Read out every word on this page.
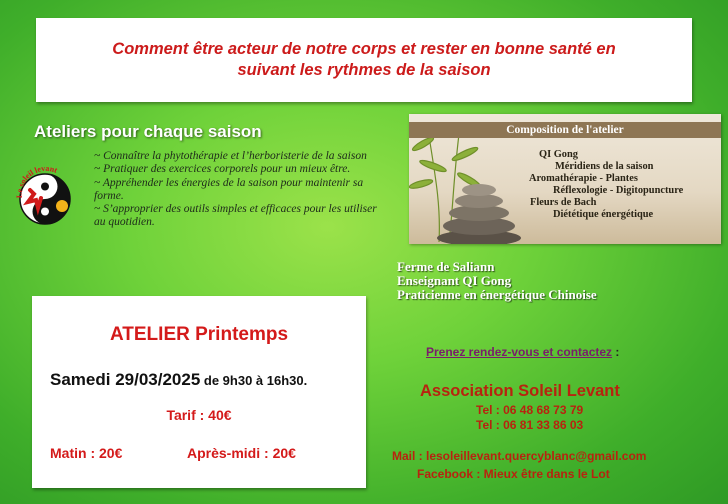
Comment être acteur de notre corps et rester en bonne santé en
suivant les rythmes de la saison
Ateliers pour chaque saison
Le soleil levant
~ Connaître la phytothérapie et l’herboristerie de la saison
~ Pratiquer des exercices corporels pour un mieux être.
~ Appréhender les énergies de la saison pour maintenir sa forme.
~ S’approprier des outils simples et efficaces pour les utiliser au quotidien.
Composition de l'atelier
QI Gong
Méridiens de la saison
Aromathérapie - Plantes
Réflexologie - Digitopuncture
Fleurs de Bach
Diététique énergétique
Ferme de Saliann
Enseignant QI Gong
Praticienne en énergétique Chinoise
ATELIER Printemps
Samedi 29/03/2025 de 9h30 à 16h30.
Tarif : 40€
Matin : 20€	Après-midi : 20€
Prenez rendez-vous et contactez :
Association Soleil Levant
Tel : 06 48 68 73 79
Tel : 06 81 33 86 03
Mail : lesoleillevant.quercyblanc@gmail.com
Facebook : Mieux être dans le Lot
